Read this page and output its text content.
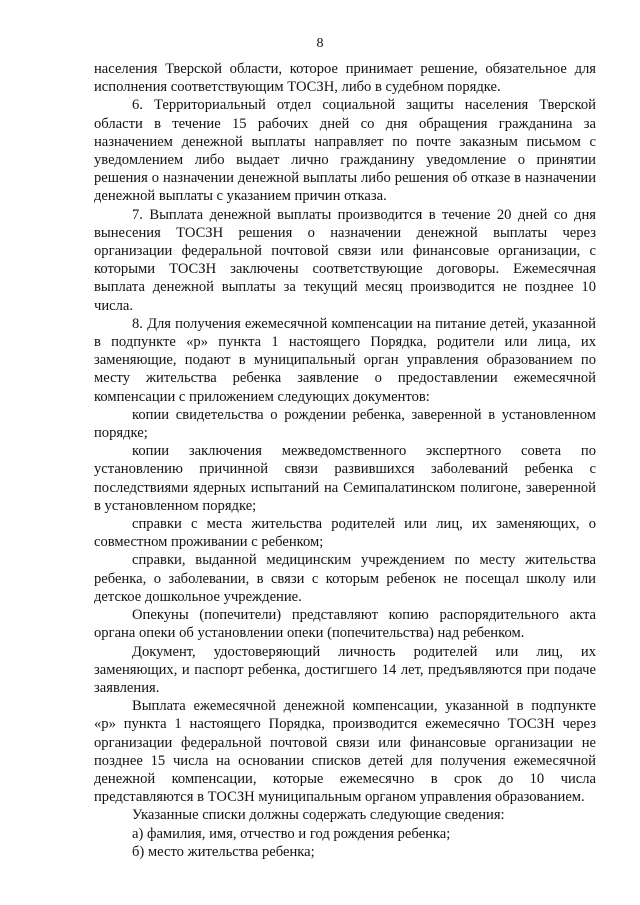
8

населения Тверской области, которое принимает решение, обязательное для исполнения соответствующим ТОСЗН, либо в судебном порядке.

6. Территориальный отдел социальной защиты населения Тверской области в течение 15 рабочих дней со дня обращения гражданина за назначением денежной выплаты направляет по почте заказным письмом с уведомлением либо выдает лично гражданину уведомление о принятии решения о назначении денежной выплаты либо решения об отказе в назначении денежной выплаты с указанием причин отказа.

7. Выплата денежной выплаты производится в течение 20 дней со дня вынесения ТОСЗН решения о назначении денежной выплаты через организации федеральной почтовой связи или финансовые организации, с которыми ТОСЗН заключены соответствующие договоры. Ежемесячная выплата денежной выплаты за текущий месяц производится не позднее 10 числа.

8. Для получения ежемесячной компенсации на питание детей, указанной в подпункте «р» пункта 1 настоящего Порядка, родители или лица, их заменяющие, подают в муниципальный орган управления образованием по месту жительства ребенка заявление о предоставлении ежемесячной компенсации с приложением следующих документов:

копии свидетельства о рождении ребенка, заверенной в установленном порядке;

копии заключения межведомственного экспертного совета по установлению причинной связи развившихся заболеваний ребенка с последствиями ядерных испытаний на Семипалатинском полигоне, заверенной в установленном порядке;

справки с места жительства родителей или лиц, их заменяющих, о совместном проживании с ребенком;

справки, выданной медицинским учреждением по месту жительства ребенка, о заболевании, в связи с которым ребенок не посещал школу или детское дошкольное учреждение.

Опекуны (попечители) представляют копию распорядительного акта органа опеки об установлении опеки (попечительства) над ребенком.

Документ, удостоверяющий личность родителей или лиц, их заменяющих, и паспорт ребенка, достигшего 14 лет, предъявляются при подаче заявления.

Выплата ежемесячной денежной компенсации, указанной в подпункте «р» пункта 1 настоящего Порядка, производится ежемесячно ТОСЗН через организации федеральной почтовой связи или финансовые организации не позднее 15 числа на основании списков детей для получения ежемесячной денежной компенсации, которые ежемесячно в срок до 10 числа представляются в ТОСЗН муниципальным органом управления образованием.

Указанные списки должны содержать следующие сведения:

а) фамилия, имя, отчество и год рождения ребенка;

б) место жительства ребенка;
